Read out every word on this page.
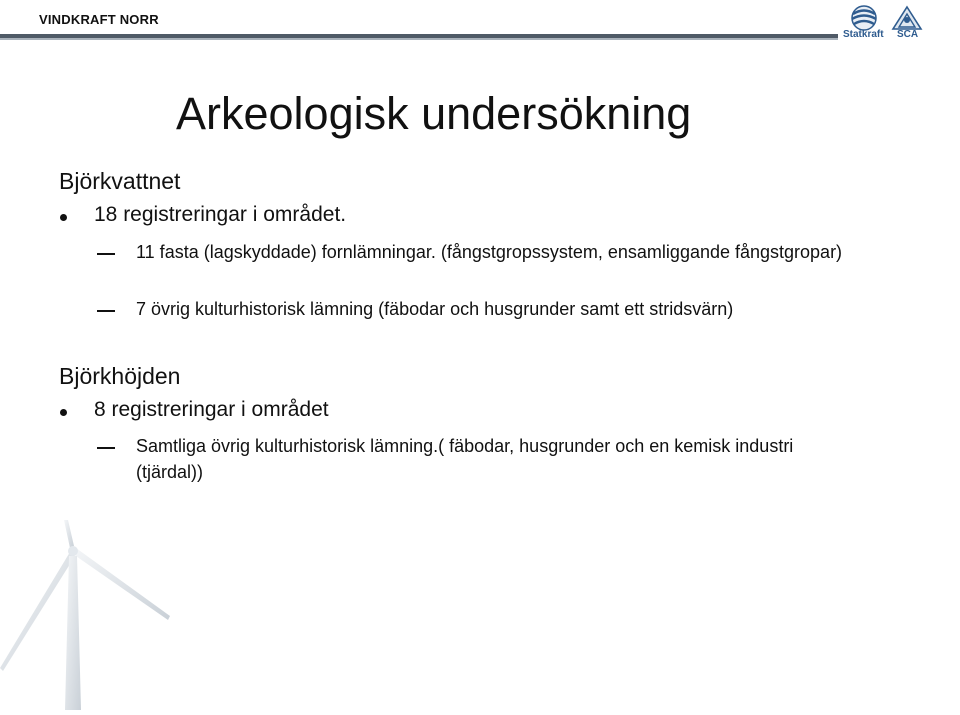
VINDKRAFT NORR
Statkraft SCA
Arkeologisk undersökning
Björkvattnet
18 registreringar i området.
11 fasta (lagskyddade) fornlämningar. (fångstgropssystem, ensamliggande fångstgropar)
7 övrig kulturhistorisk lämning (fäbodar och husgrunder samt ett stridsvärn)
Björkhöjden
8 registreringar i området
Samtliga övrig kulturhistorisk lämning.( fäbodar, husgrunder och en kemisk industri (tjärdal))
